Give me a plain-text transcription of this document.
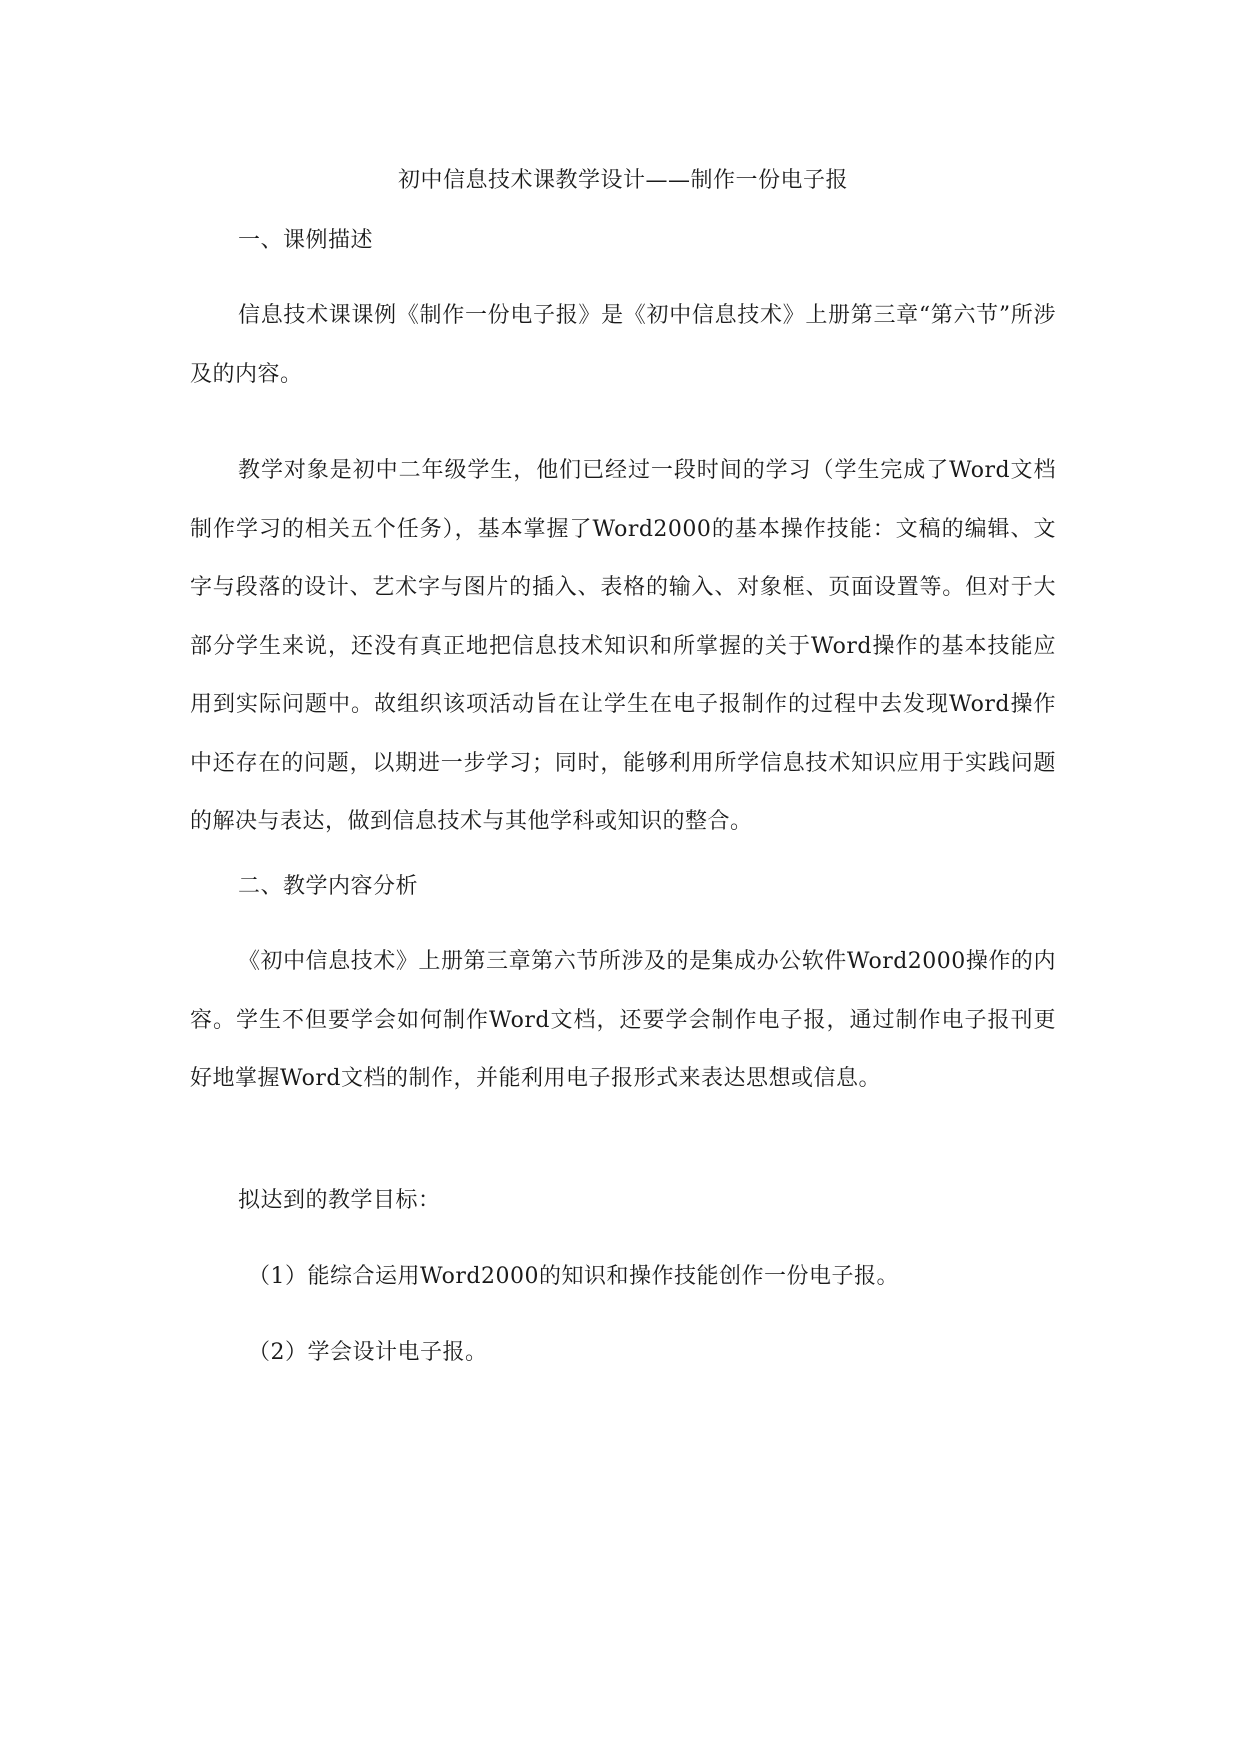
初中信息技术课教学设计——制作一份电子报

一、课例描述

信息技术课课例《制作一份电子报》是《初中信息技术》上册第三章“第六节”所涉及的内容。

教学对象是初中二年级学生，他们已经过一段时间的学习（学生完成了Word文档制作学习的相关五个任务），基本掌握了Word2000的基本操作技能：文稿的编辑、文字与段落的设计、艺术字与图片的插入、表格的输入、对象框、页面设置等。但对于大部分学生来说，还没有真正地把信息技术知识和所掌握的关于Word操作的基本技能应用到实际问题中。故组织该项活动旨在让学生在电子报制作的过程中去发现Word操作中还存在的问题，以期进一步学习；同时，能够利用所学信息技术知识应用于实践问题的解决与表达，做到信息技术与其他学科或知识的整合。

二、教学内容分析

《初中信息技术》上册第三章第六节所涉及的是集成办公软件Word2000操作的内容。学生不但要学会如何制作Word文档，还要学会制作电子报，通过制作电子报刊更好地掌握Word文档的制作，并能利用电子报形式来表达思想或信息。

拟达到的教学目标：

（1）能综合运用Word2000的知识和操作技能创作一份电子报。

（2）学会设计电子报。
